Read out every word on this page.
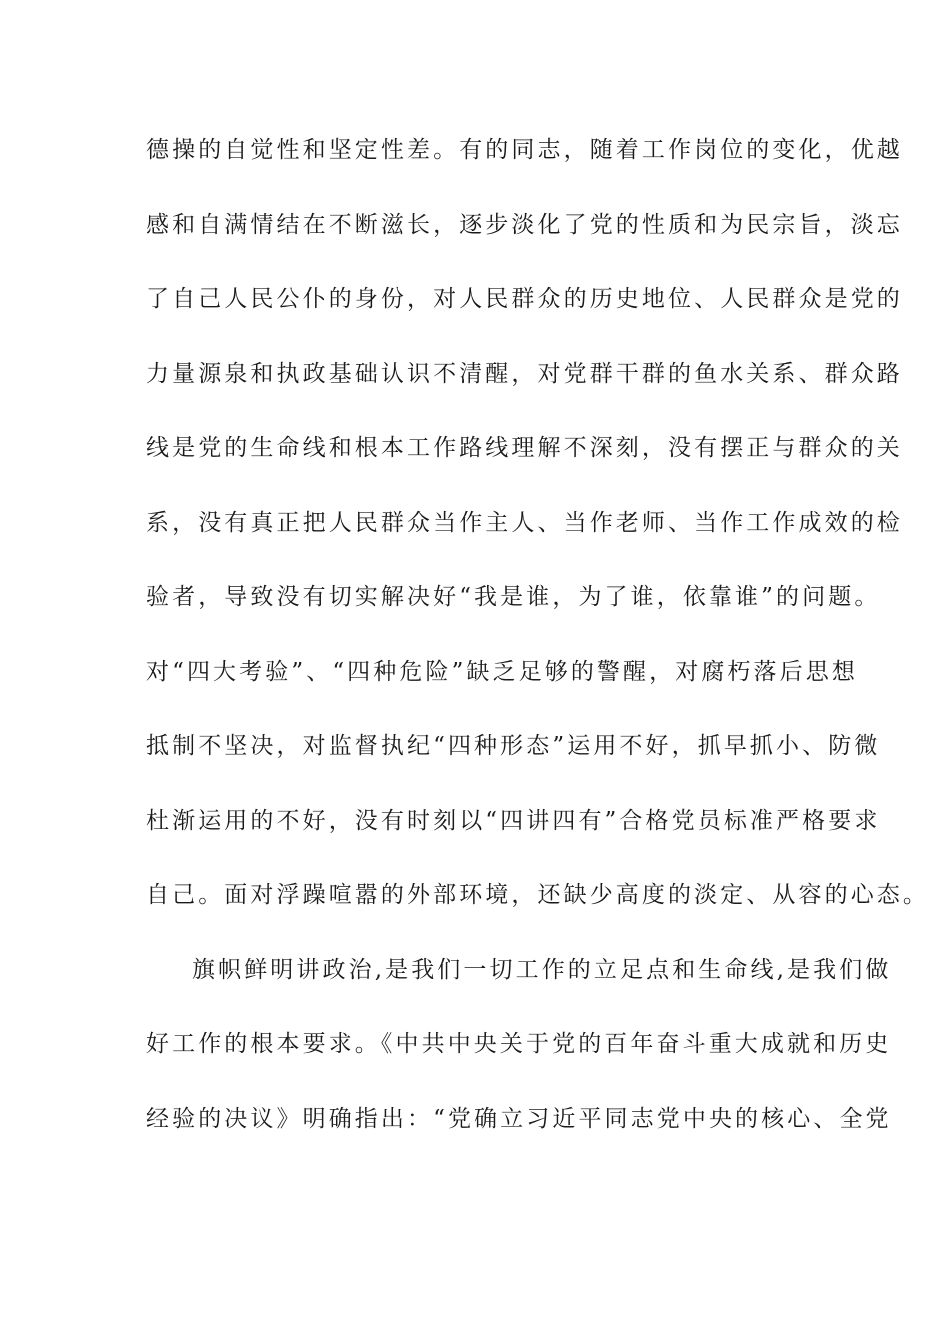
德操的自觉性和坚定性差。有的同志，随着工作岗位的变化，优越
感和自满情结在不断滋长，逐步淡化了党的性质和为民宗旨，淡忘
了自己人民公仆的身份，对人民群众的历史地位、人民群众是党的
力量源泉和执政基础认识不清醒，对党群干群的鱼水关系、群众路
线是党的生命线和根本工作路线理解不深刻，没有摆正与群众的关
系，没有真正把人民群众当作主人、当作老师、当作工作成效的检
验者，导致没有切实解决好“我是谁，为了谁，依靠谁”的问题。
对“四大考验”、“四种危险”缺乏足够的警醒，对腐朽落后思想
抵制不坚决，对监督执纪“四种形态”运用不好，抓早抓小、防微
杜渐运用的不好，没有时刻以“四讲四有”合格党员标准严格要求
自己。面对浮躁喧嚣的外部环境，还缺少高度的淡定、从容的心态。
旗帜鲜明讲政治,是我们一切工作的立足点和生命线,是我们做
好工作的根本要求。《中共中央关于党的百年奋斗重大成就和历史
经验的决议》明确指出：“党确立习近平同志党中央的核心、全党
